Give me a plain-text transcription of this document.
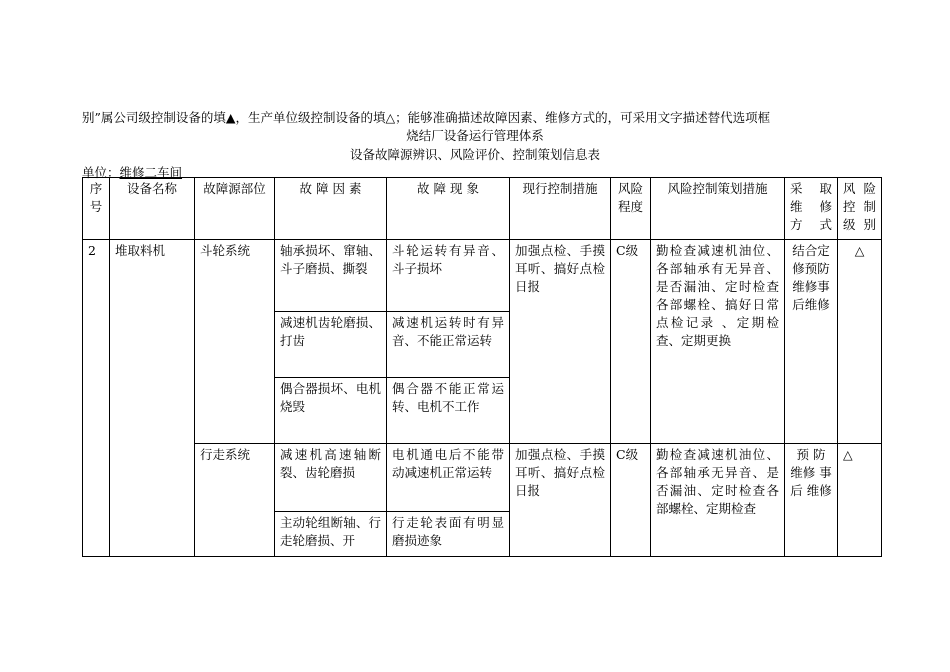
别”属公司级控制设备的填▲，生产单位级控制设备的填△；能够准确描述故障因素、维修方式的，可采用文字描述替代选项框
烧结厂设备运行管理体系
设备故障源辨识、风险评价、控制策划信息表
单位：维修二车间
序号	设备名称	故障源部位	故 障 因 素	故 障 现 象	现行控制措施	风险程度	风险控制策划措施	采 取 维 修 方式	风 险 控 制 级别
2	堆取料机	斗轮系统	轴承损坏、窜轴、斗子磨损、撕裂	斗轮运转有异音、斗子损坏	加强点检、手摸耳听、搞好点检日报	C级	勤检查减速机油位、各部轴承有无异音、是否漏油、定时检查各部螺栓、搞好日常点检记录 、定期检查、定期更换	结合定修预防维修事后维修	△
			减速机齿轮磨损、打齿	减速机运转时有异音、不能正常运转					
			偶合器损坏、电机烧毁	偶合器不能正常运转、电机不工作					
		行走系统	减速机高速轴断裂、齿轮磨损	电机通电后不能带动减速机正常运转	加强点检、手摸耳听、搞好点检日报	C级	勤检查减速机油位、各部轴承无异音、是否漏油、定时检查各部螺栓、定期检查	预 防 维修 事 后 维修	△
			主动轮组断轴、行走轮磨损、开	行走轮表面有明显磨损迹象					
